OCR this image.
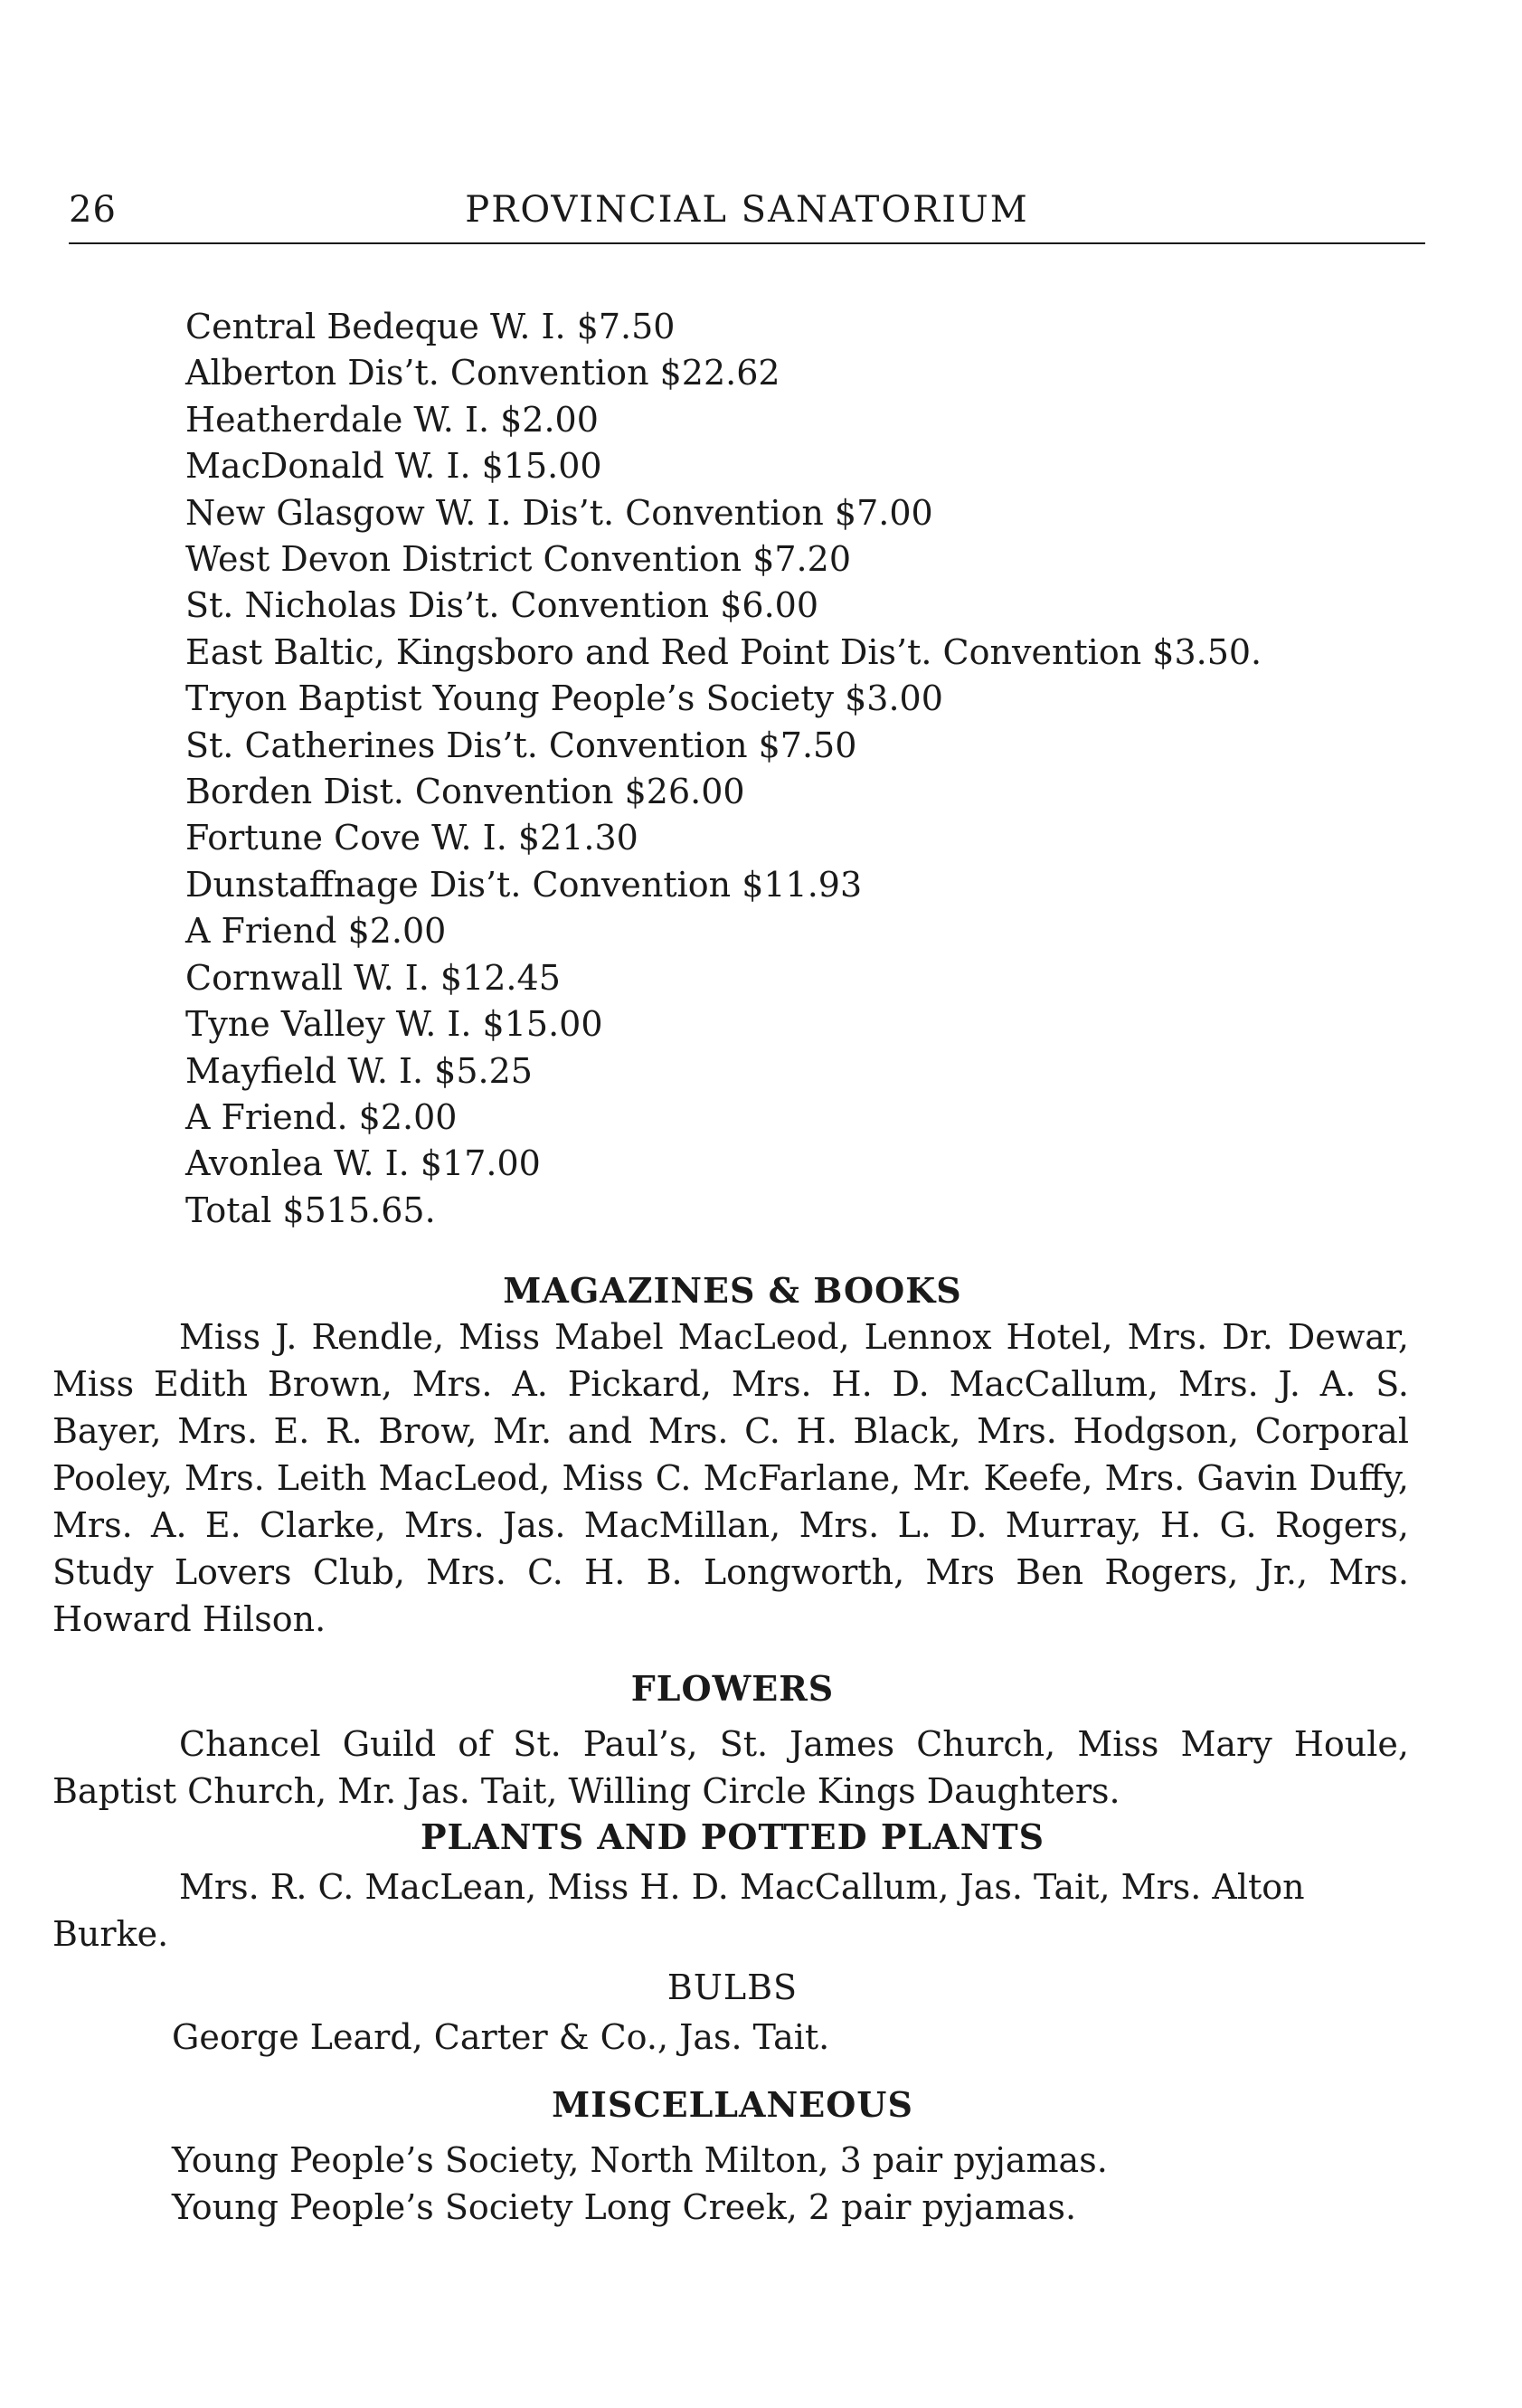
26	PROVINCIAL SANATORIUM
Central Bedeque W. I. $7.50
Alberton Dis’t. Convention $22.62
Heatherdale W. I. $2.00
MacDonald W. I. $15.00
New Glasgow W. I. Dis’t. Convention $7.00
West Devon District Convention $7.20
St. Nicholas Dis’t. Convention $6.00
East Baltic, Kingsboro and Red Point Dis’t. Convention $3.50.
Tryon Baptist Young People’s Society $3.00
St. Catherines Dis’t. Convention $7.50
Borden Dist. Convention $26.00
Fortune Cove W. I. $21.30
Dunstaffnage Dis’t. Convention $11.93
A Friend $2.00
Cornwall W. I. $12.45
Tyne Valley W. I. $15.00
Mayfield W. I. $5.25
A Friend. $2.00
Avonlea W. I. $17.00
Total $515.65.
MAGAZINES & BOOKS
Miss J. Rendle, Miss Mabel MacLeod, Lennox Hotel, Mrs. Dr. Dewar, Miss Edith Brown, Mrs. A. Pickard, Mrs. H. D. MacCallum, Mrs. J. A. S. Bayer, Mrs. E. R. Brow, Mr. and Mrs. C. H. Black, Mrs. Hodgson, Corporal Pooley, Mrs. Leith MacLeod, Miss C. McFarlane, Mr. Keefe, Mrs. Gavin Duffy, Mrs. A. E. Clarke, Mrs. Jas. MacMillan, Mrs. L. D. Murray, H. G. Rogers, Study Lovers Club, Mrs. C. H. B. Longworth, Mrs Ben Rogers, Jr., Mrs. Howard Hilson.
FLOWERS
Chancel Guild of St. Paul’s, St. James Church, Miss Mary Houle, Baptist Church, Mr. Jas. Tait, Willing Circle Kings Daughters.
PLANTS AND POTTED PLANTS
Mrs. R. C. MacLean, Miss H. D. MacCallum, Jas. Tait, Mrs. Alton Burke.
BULBS
George Leard, Carter & Co., Jas. Tait.
MISCELLANEOUS
Young People’s Society, North Milton, 3 pair pyjamas.
Young People’s Society Long Creek, 2 pair pyjamas.
